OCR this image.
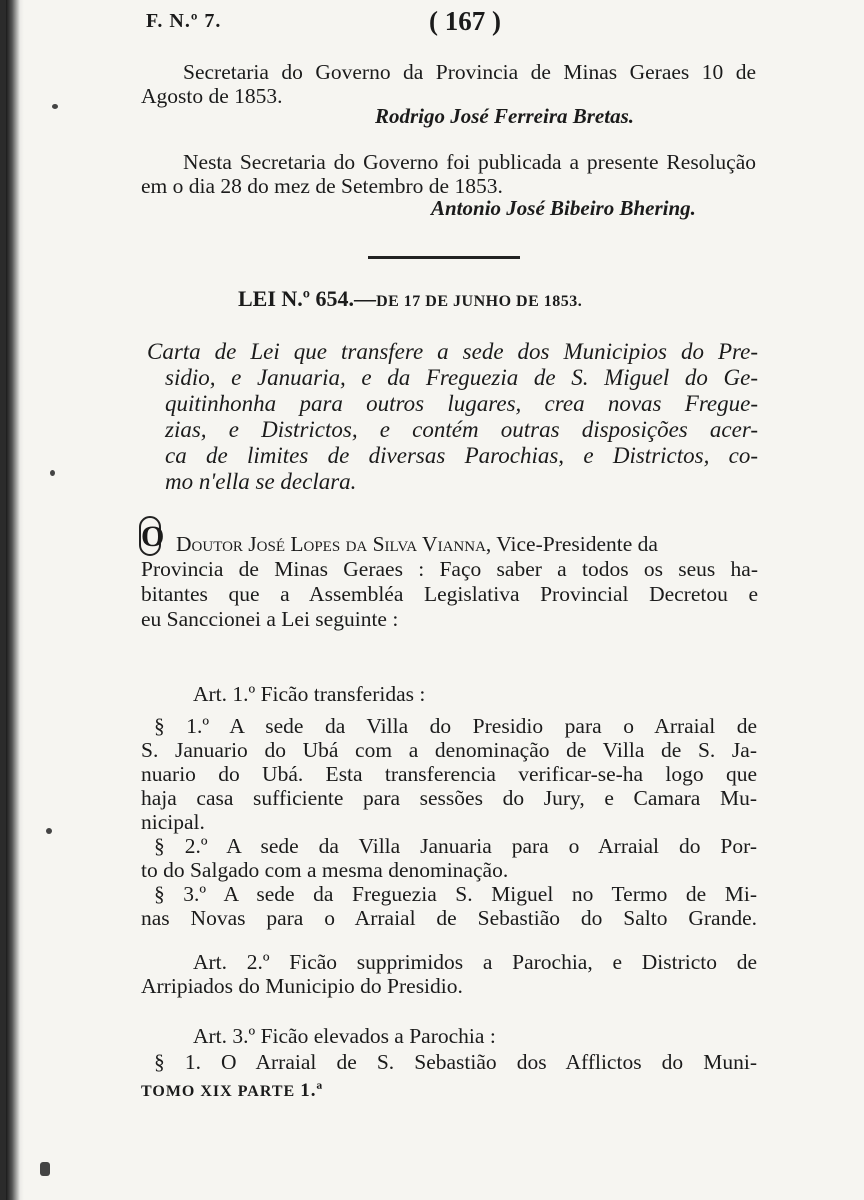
F. N.º 7.	( 167 )
Secretaria do Governo da Provincia de Minas Geraes 10 de
Agosto de 1853.
Rodrigo José Ferreira Bretas.
Nesta Secretaria do Governo foi publicada a presente Resolução
em o dia 28 do mez de Setembro de 1853.
Antonio José Bibeiro Bhering.
LEI N.º 654.—DE 17 DE JUNHO DE 1853.
Carta de Lei que transfere a sede dos Municipios do Pre-
sidio, e Januaria, e da Freguezia de S. Miguel do Ge-
quitinhonha para outros lugares, crea novas Fregue-
zias, e Districtos, e contém outras disposições acer-
ca de limites de diversas Parochias, e Districtos, co-
mo n'ella se declara.
O Doutor José Lopes da Silva Vianna, Vice-Presidente da
Provincia de Minas Geraes : Faço saber a todos os seus ha-
bitantes que a Assembléa Legislativa Provincial Decretou e
eu Sanccionei a Lei seguinte :
Art. 1.º Ficão transferidas :
§ 1.º A sede da Villa do Presidio para o Arraial de
S. Januario do Ubá com a denominação de Villa de S. Ja-
nuario do Ubá. Esta transferencia verificar-se-ha logo que
haja casa sufficiente para sessões do Jury, e Camara Mu-
nicipal.
§ 2.º A sede da Villa Januaria para o Arraial do Por-
to do Salgado com a mesma denominação.
§ 3.º A sede da Freguezia S. Miguel no Termo de Mi-
nas Novas para o Arraial de Sebastião do Salto Grande.
Art. 2.º Ficão supprimidos a Parochia, e Districto de
Arripiados do Municipio do Presidio.
Art. 3.º Ficão elevados a Parochia :
§ 1. O Arraial de S. Sebastião dos Afflictos do Muni-
TOMO XIX PARTE 1.ª
